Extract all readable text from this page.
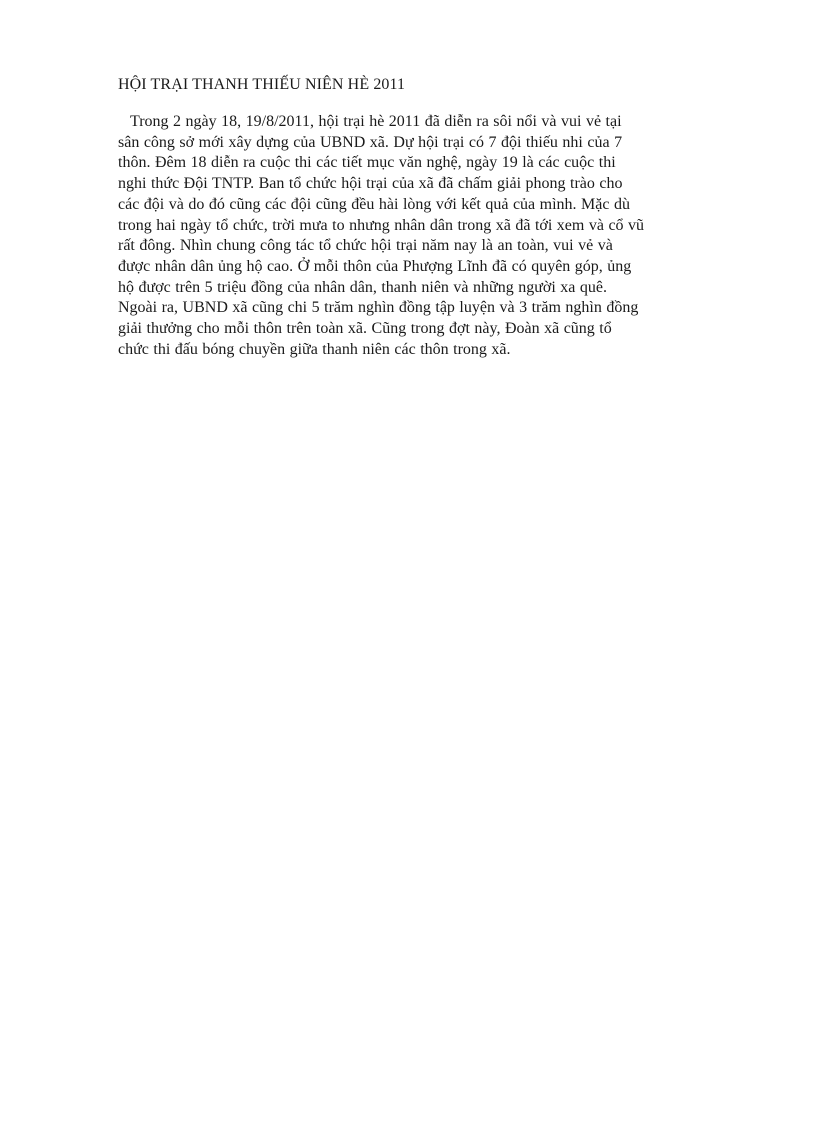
HỘI TRẠI THANH THIẾU NIÊN HÈ 2011

Trong 2 ngày 18, 19/8/2011, hội trại hè 2011 đã diễn ra sôi nổi và vui vẻ tại
sân công sở mới xây dựng của UBND xã. Dự hội trại có 7 đội thiếu nhi của 7
thôn. Đêm 18 diễn ra cuộc thi các tiết mục văn nghệ, ngày 19 là các cuộc thi
nghi thức Đội TNTP. Ban tổ chức hội trại của xã đã chấm giải phong trào cho
các đội và do đó cũng các đội cũng đều hài lòng với kết quả của mình. Mặc dù
trong hai ngày tổ chức, trời mưa to nhưng nhân dân trong xã đã tới xem và cổ vũ
rất đông. Nhìn chung công tác tổ chức hội trại năm nay là an toàn, vui vẻ và
được nhân dân ủng hộ cao. Ở mỗi thôn của Phượng Lĩnh đã có quyên góp, ủng
hộ được trên 5 triệu đồng của nhân dân, thanh niên và những người xa quê.
Ngoài ra, UBND xã cũng chi 5 trăm nghìn đồng tập luyện và 3 trăm nghìn đồng
giải thưởng cho mỗi thôn trên toàn xã. Cũng trong đợt này, Đoàn xã cũng tổ
chức thi đấu bóng chuyền giữa thanh niên các thôn trong xã.
